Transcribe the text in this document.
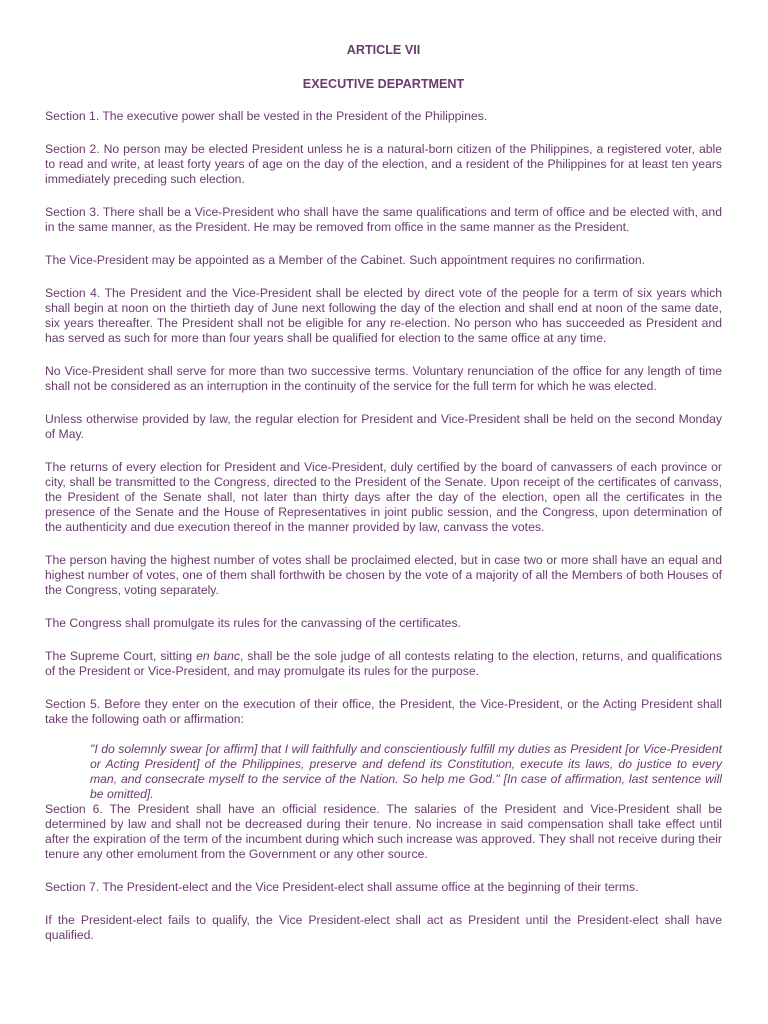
ARTICLE VII

EXECUTIVE DEPARTMENT

Section 1. The executive power shall be vested in the President of the Philippines.

Section 2. No person may be elected President unless he is a natural-born citizen of the Philippines, a registered voter, able to read and write, at least forty years of age on the day of the election, and a resident of the Philippines for at least ten years immediately preceding such election.

Section 3. There shall be a Vice-President who shall have the same qualifications and term of office and be elected with, and in the same manner, as the President. He may be removed from office in the same manner as the President.

The Vice-President may be appointed as a Member of the Cabinet. Such appointment requires no confirmation.

Section 4. The President and the Vice-President shall be elected by direct vote of the people for a term of six years which shall begin at noon on the thirtieth day of June next following the day of the election and shall end at noon of the same date, six years thereafter. The President shall not be eligible for any re-election. No person who has succeeded as President and has served as such for more than four years shall be qualified for election to the same office at any time.

No Vice-President shall serve for more than two successive terms. Voluntary renunciation of the office for any length of time shall not be considered as an interruption in the continuity of the service for the full term for which he was elected.

Unless otherwise provided by law, the regular election for President and Vice-President shall be held on the second Monday of May.

The returns of every election for President and Vice-President, duly certified by the board of canvassers of each province or city, shall be transmitted to the Congress, directed to the President of the Senate. Upon receipt of the certificates of canvass, the President of the Senate shall, not later than thirty days after the day of the election, open all the certificates in the presence of the Senate and the House of Representatives in joint public session, and the Congress, upon determination of the authenticity and due execution thereof in the manner provided by law, canvass the votes.

The person having the highest number of votes shall be proclaimed elected, but in case two or more shall have an equal and highest number of votes, one of them shall forthwith be chosen by the vote of a majority of all the Members of both Houses of the Congress, voting separately.

The Congress shall promulgate its rules for the canvassing of the certificates.

The Supreme Court, sitting en banc, shall be the sole judge of all contests relating to the election, returns, and qualifications of the President or Vice-President, and may promulgate its rules for the purpose.

Section 5. Before they enter on the execution of their office, the President, the Vice-President, or the Acting President shall take the following oath or affirmation:

"I do solemnly swear [or affirm] that I will faithfully and conscientiously fulfill my duties as President [or Vice-President or Acting President] of the Philippines, preserve and defend its Constitution, execute its laws, do justice to every man, and consecrate myself to the service of the Nation. So help me God." [In case of affirmation, last sentence will be omitted].

Section 6. The President shall have an official residence. The salaries of the President and Vice-President shall be determined by law and shall not be decreased during their tenure. No increase in said compensation shall take effect until after the expiration of the term of the incumbent during which such increase was approved. They shall not receive during their tenure any other emolument from the Government or any other source.

Section 7. The President-elect and the Vice President-elect shall assume office at the beginning of their terms.

If the President-elect fails to qualify, the Vice President-elect shall act as President until the President-elect shall have qualified.
